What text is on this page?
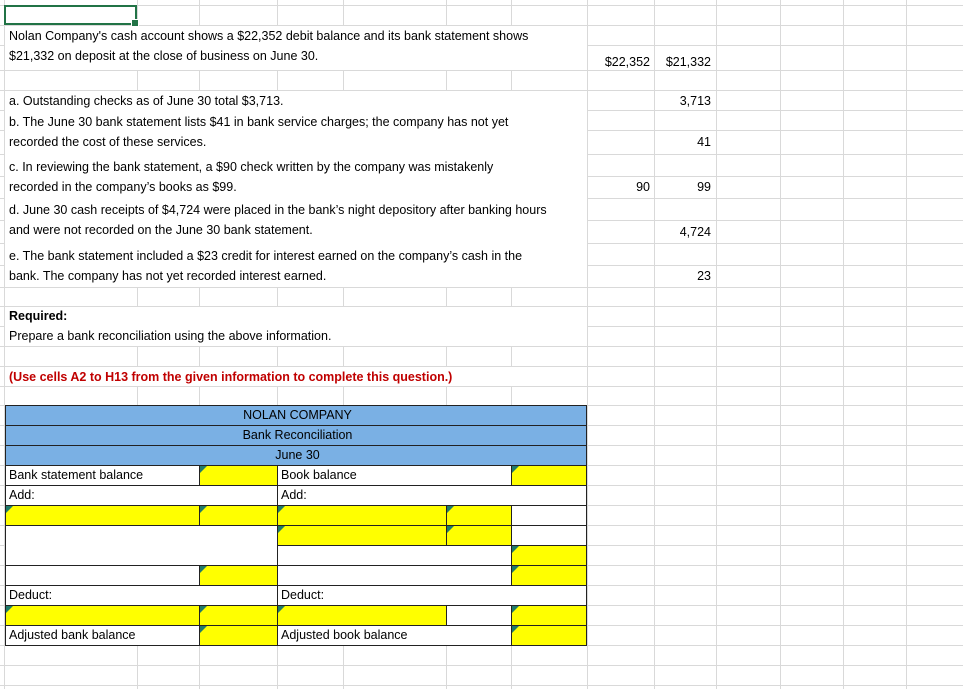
Nolan Company's cash account shows a $22,352 debit balance and its bank statement shows
$21,332 on deposit at the close of business on June 30.	$22,352	$21,332
a. Outstanding checks as of June 30 total $3,713.	3,713
b. The June 30 bank statement lists $41 in bank service charges; the company has not yet
recorded the cost of these services.	41
c. In reviewing the bank statement, a $90 check written by the company was mistakenly
recorded in the company’s books as $99.	90	99
d. June 30 cash receipts of $4,724 were placed in the bank’s night depository after banking hours
and were not recorded on the June 30 bank statement.	4,724
e. The bank statement included a $23 credit for interest earned on the company’s cash in the
bank. The company has not yet recorded interest earned.	23
Required:
Prepare a bank reconciliation using the above information.
(Use cells A2 to H13 from the given information to complete this question.)
NOLAN COMPANY
Bank Reconciliation
June 30
Bank statement balance	Book balance
Add:	Add:
Deduct:	Deduct:
Adjusted bank balance	Adjusted book balance
